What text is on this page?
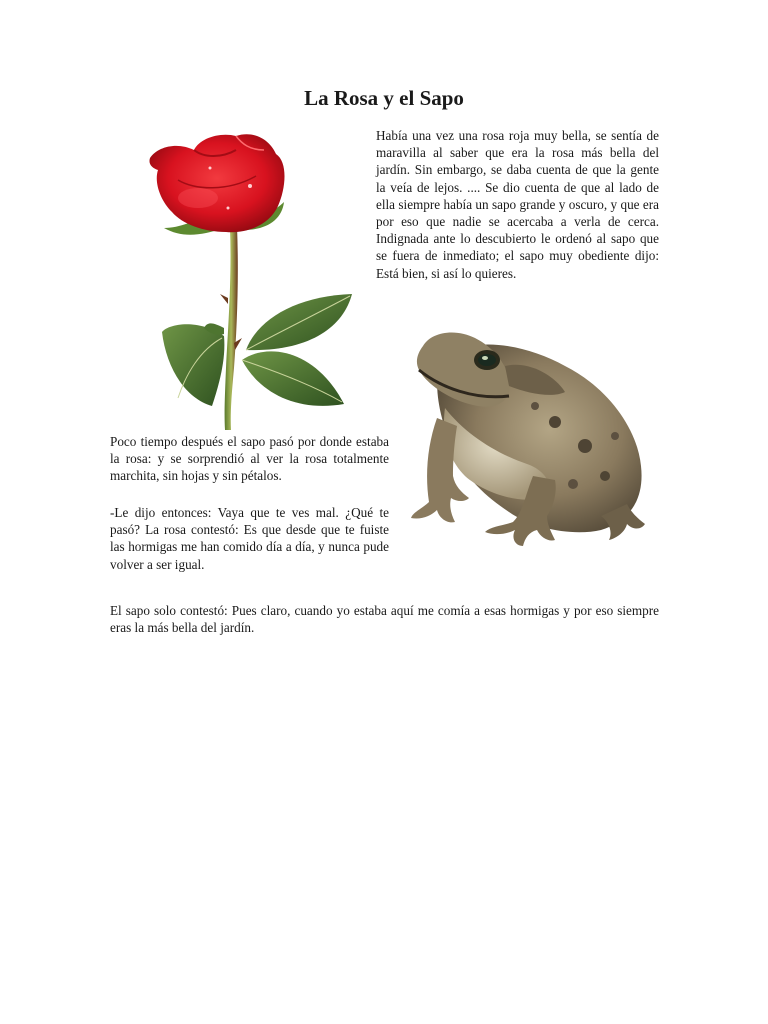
La Rosa y el Sapo

Había una vez una rosa roja muy bella, se sentía de maravilla al saber que era la rosa más bella del jardín. Sin embargo, se daba cuenta de que la gente la veía de lejos. .... Se dio cuenta de que al lado de ella siempre había un sapo grande y oscuro, y que era por eso que nadie se acercaba a verla de cerca. Indignada ante lo descubierto le ordenó al sapo que se fuera de inmediato; el sapo muy obediente dijo: Está bien, si así lo quieres.

Poco tiempo después el sapo pasó por donde estaba la rosa: y se sorprendió al ver la rosa totalmente marchita, sin hojas y sin pétalos.

-Le dijo entonces: Vaya que te ves mal. ¿Qué te pasó? La rosa contestó: Es que desde que te fuiste las hormigas me han comido día a día, y nunca pude volver a ser igual.

El sapo solo contestó: Pues claro, cuando yo estaba aquí me comía a esas hormigas y por eso siempre eras la más bella del jardín.
